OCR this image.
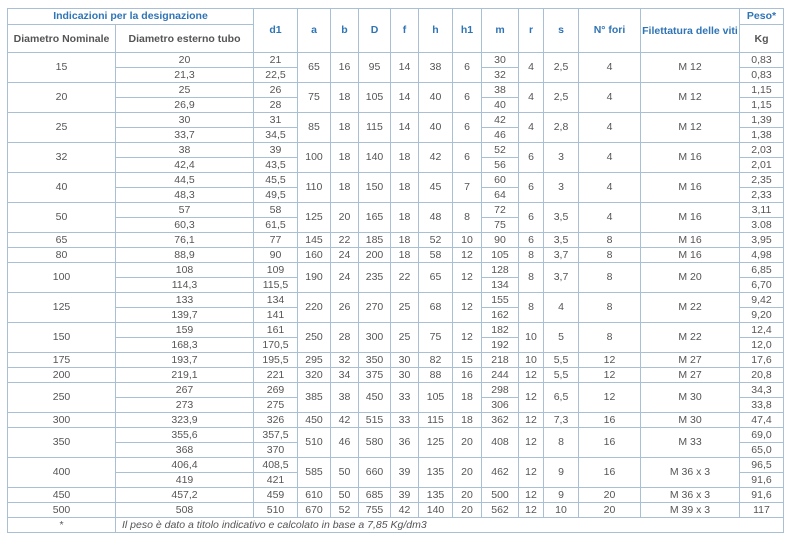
Indicazioni per la designazione		d1	a	b	D	f	h	h1	m	r	s	N° fori	Filettatura delle viti	Peso*
Diametro Nominale	Diametro esterno tubo													Kg
15	20	21	65	16	95	14	38	6	30	4	2,5	4	M 12	0,83
	21,3	22,5							32					0,83
20	25	26	75	18	105	14	40	6	38	4	2,5	4	M 12	1,15
	26,9	28							40					1,15
25	30	31	85	18	115	14	40	6	42	4	2,8	4	M 12	1,39
	33,7	34,5							46					1,38
32	38	39	100	18	140	18	42	6	52	6	3	4	M 16	2,03
	42,4	43,5							56					2,01
40	44,5	45,5	110	18	150	18	45	7	60	6	3	4	M 16	2,35
	48,3	49,5							64					2,33
50	57	58	125	20	165	18	48	8	72	6	3,5	4	M 16	3,11
	60,3	61,5							75					3.08
65	76,1	77	145	22	185	18	52	10	90	6	3,5	8	M 16	3,95
80	88,9	90	160	24	200	18	58	12	105	8	3,7	8	M 16	4,98
100	108	109	190	24	235	22	65	12	128	8	3,7	8	M 20	6,85
	114,3	115,5							134					6,70
125	133	134	220	26	270	25	68	12	155	8	4	8	M 22	9,42
	139,7	141							162					9,20
150	159	161	250	28	300	25	75	12	182	10	5	8	M 22	12,4
	168,3	170,5							192					12,0
175	193,7	195,5	295	32	350	30	82	15	218	10	5,5	12	M 27	17,6
200	219,1	221	320	34	375	30	88	16	244	12	5,5	12	M 27	20,8
250	267	269	385	38	450	33	105	18	298	12	6,5	12	M 30	34,3
	273	275							306					33,8
300	323,9	326	450	42	515	33	115	18	362	12	7,3	16	M 30	47,4
350	355,6	357,5	510	46	580	36	125	20	408	12	8	16	M 33	69,0
	368	370												65,0
400	406,4	408,5	585	50	660	39	135	20	462	12	9	16	M 36 x 3	96,5
	419	421												91,6
450	457,2	459	610	50	685	39	135	20	500	12	9	20	M 36 x 3	91,6
500	508	510	670	52	755	42	140	20	562	12	10	20	M 39 x 3	117
*	Il peso è dato a titolo indicativo e calcolato in base a 7,85 Kg/dm3													
